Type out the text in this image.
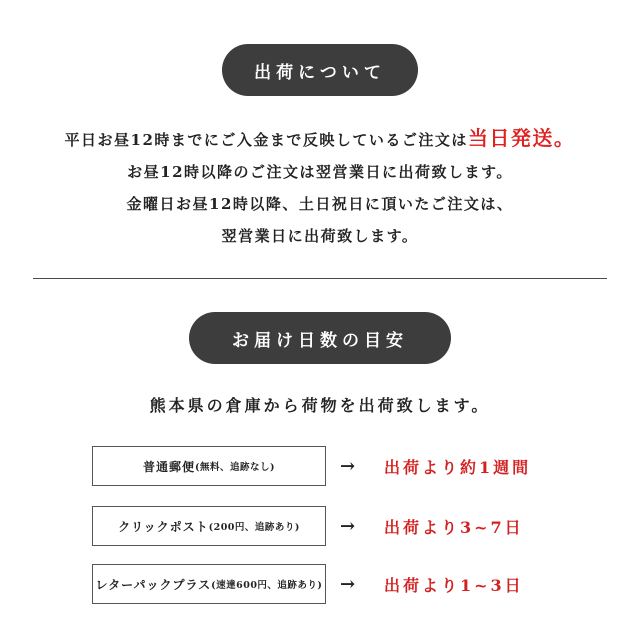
出荷について
平日お昼12時までにご入金まで反映しているご注文は当日発送。
お昼12時以降のご注文は翌営業日に出荷致します。
金曜日お昼12時以降、土日祝日に頂いたご注文は、
翌営業日に出荷致します。
お届け日数の目安
熊本県の倉庫から荷物を出荷致します。
普通郵便 (無料、追跡なし)	→ 出荷より約1週間
クリックポスト (200円、追跡あり) → 出荷より3~7日
レターパックプラス (速達600円、追跡あり) → 出荷より1~3日
